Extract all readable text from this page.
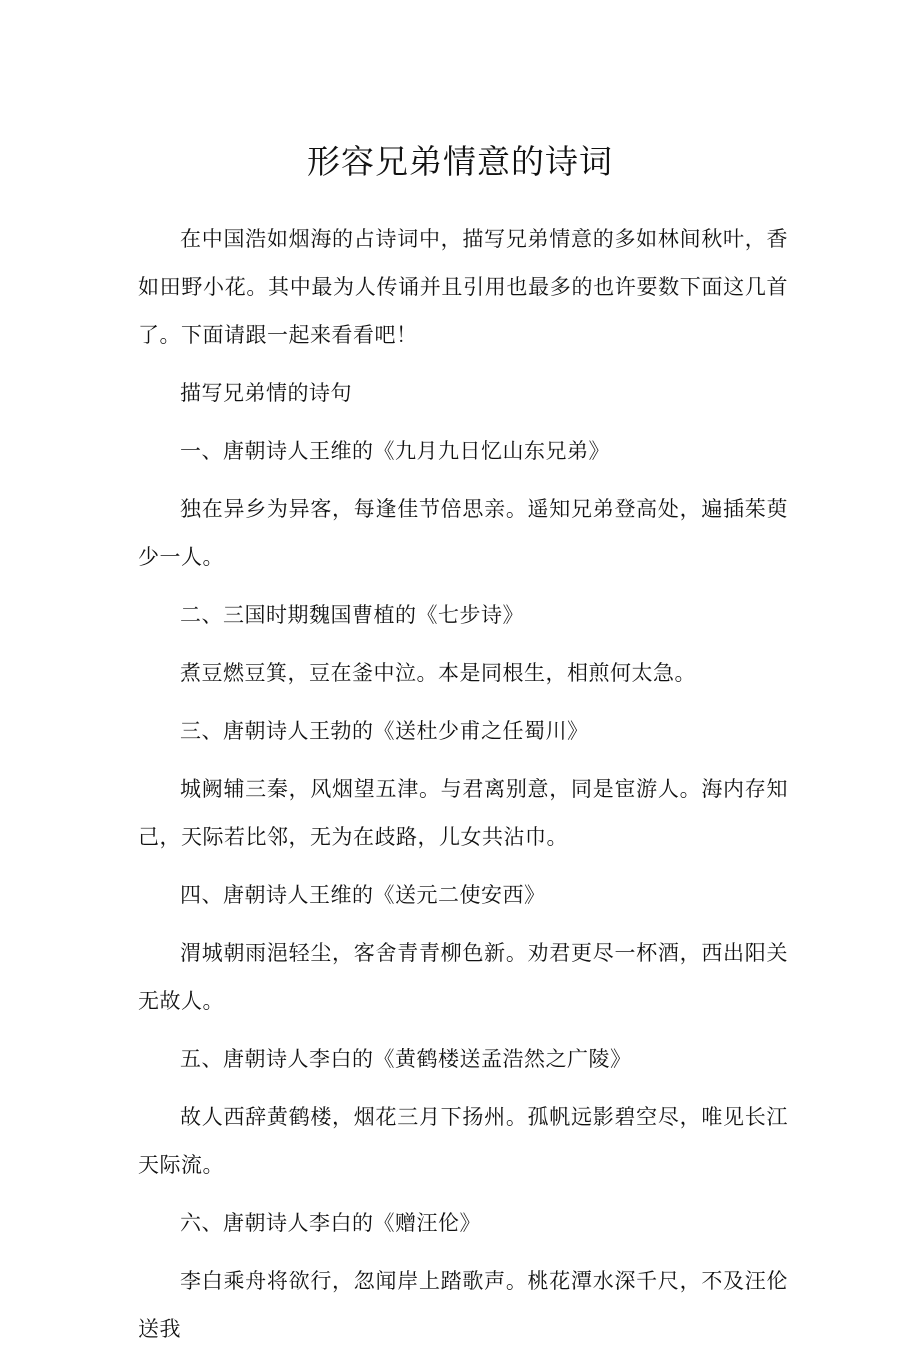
形容兄弟情意的诗词

在中国浩如烟海的占诗词中，描写兄弟情意的多如林间秋叶，香如田野小花。其中最为人传诵并且引用也最多的也许要数下面这几首了。下面请跟一起来看看吧！

描写兄弟情的诗句

一、唐朝诗人王维的《九月九日忆山东兄弟》

独在异乡为异客，每逢佳节倍思亲。遥知兄弟登高处，遍插茱萸少一人。

二、三国时期魏国曹植的《七步诗》

煮豆燃豆箕，豆在釜中泣。本是同根生，相煎何太急。

三、唐朝诗人王勃的《送杜少甫之任蜀川》

城阙辅三秦，风烟望五津。与君离别意，同是宦游人。海内存知己，天际若比邻，无为在歧路，儿女共沾巾。

四、唐朝诗人王维的《送元二使安西》

渭城朝雨浥轻尘，客舍青青柳色新。劝君更尽一杯酒，西出阳关无故人。

五、唐朝诗人李白的《黄鹤楼送孟浩然之广陵》

故人西辞黄鹤楼，烟花三月下扬州。孤帆远影碧空尽，唯见长江天际流。

六、唐朝诗人李白的《赠汪伦》

李白乘舟将欲行，忽闻岸上踏歌声。桃花潭水深千尺，不及汪伦送我
